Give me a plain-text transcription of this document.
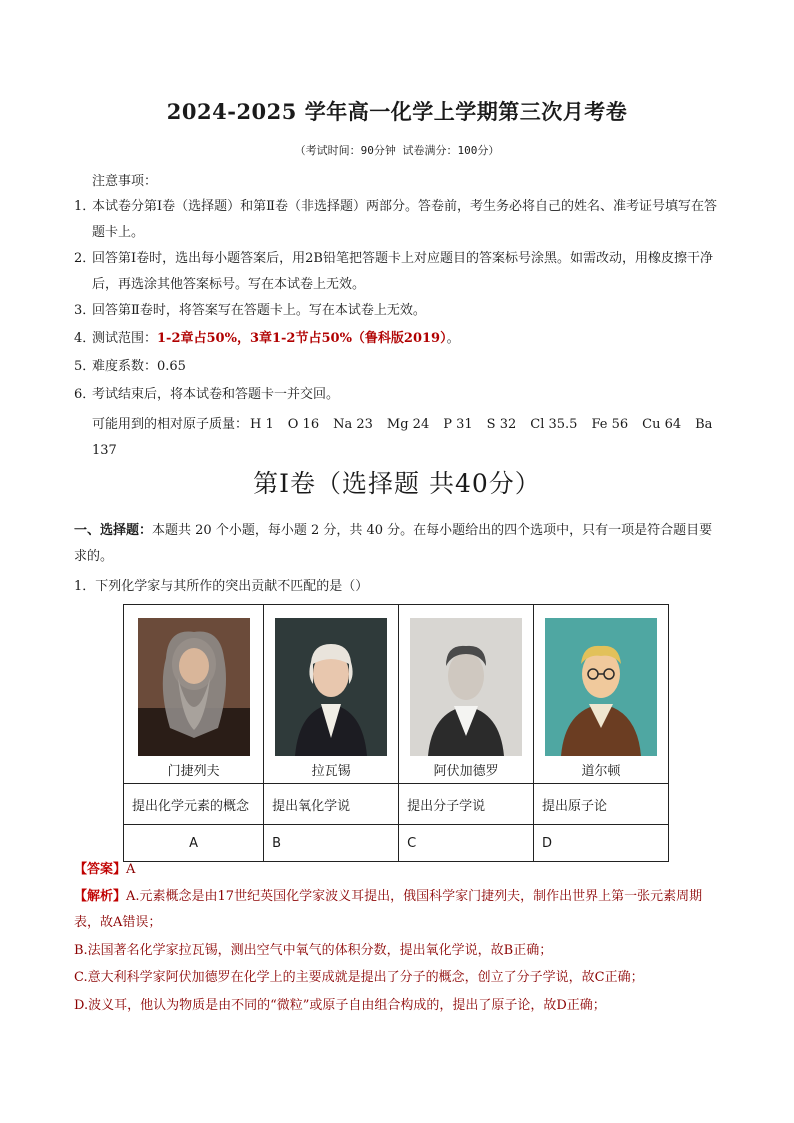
2024-2025 学年高一化学上学期第三次月考卷
（考试时间：90分钟 试卷满分：100分）
注意事项：
1．
本试卷分第Ⅰ卷（选择题）和第Ⅱ卷（非选择题）两部分。答卷前，考生务必将自己的姓名、准考证号填写在答题卡上。
2．
回答第Ⅰ卷时，选出每小题答案后，用2B铅笔把答题卡上对应题目的答案标号涂黑。如需改动，用橡皮擦干净后，再选涂其他答案标号。写在本试卷上无效。
3．
回答第Ⅱ卷时，将答案写在答题卡上。写在本试卷上无效。
4．
测试范围：1-2章占50%，3章1-2节占50%（鲁科版2019）。
5．
难度系数：0.65
6．
考试结束后，将本试卷和答题卡一并交回。
可能用到的相对原子质量： H 1 O 16 Na 23 Mg 24 P 31 S 32 Cl 35.5 Fe 56 Cu 64 Ba 137
第Ⅰ卷（选择题 共40分）
一、选择题：本题共 20 个小题，每小题 2 分，共 40 分。在每小题给出的四个选项中，只有一项是符合题目要求的。
1．下列化学家与其所作的突出贡献不匹配的是（）
门捷列夫	拉瓦锡	阿伏加德罗	道尔顿

提出化学元素的概念	提出氧化学说	提出分子学说	提出原子论
A	B	C	D
【答案】A
【解析】A.元素概念是由17世纪英国化学家波义耳提出，俄国科学家门捷列夫，制作出世界上第一张元素周期表，故A错误；
B.法国著名化学家拉瓦锡，测出空气中氧气的体积分数，提出氧化学说，故B正确；
C.意大利科学家阿伏加德罗在化学上的主要成就是提出了分子的概念，创立了分子学说，故C正确；
D.波义耳，他认为物质是由不同的“微粒”或原子自由组合构成的，提出了原子论，故D正确；
